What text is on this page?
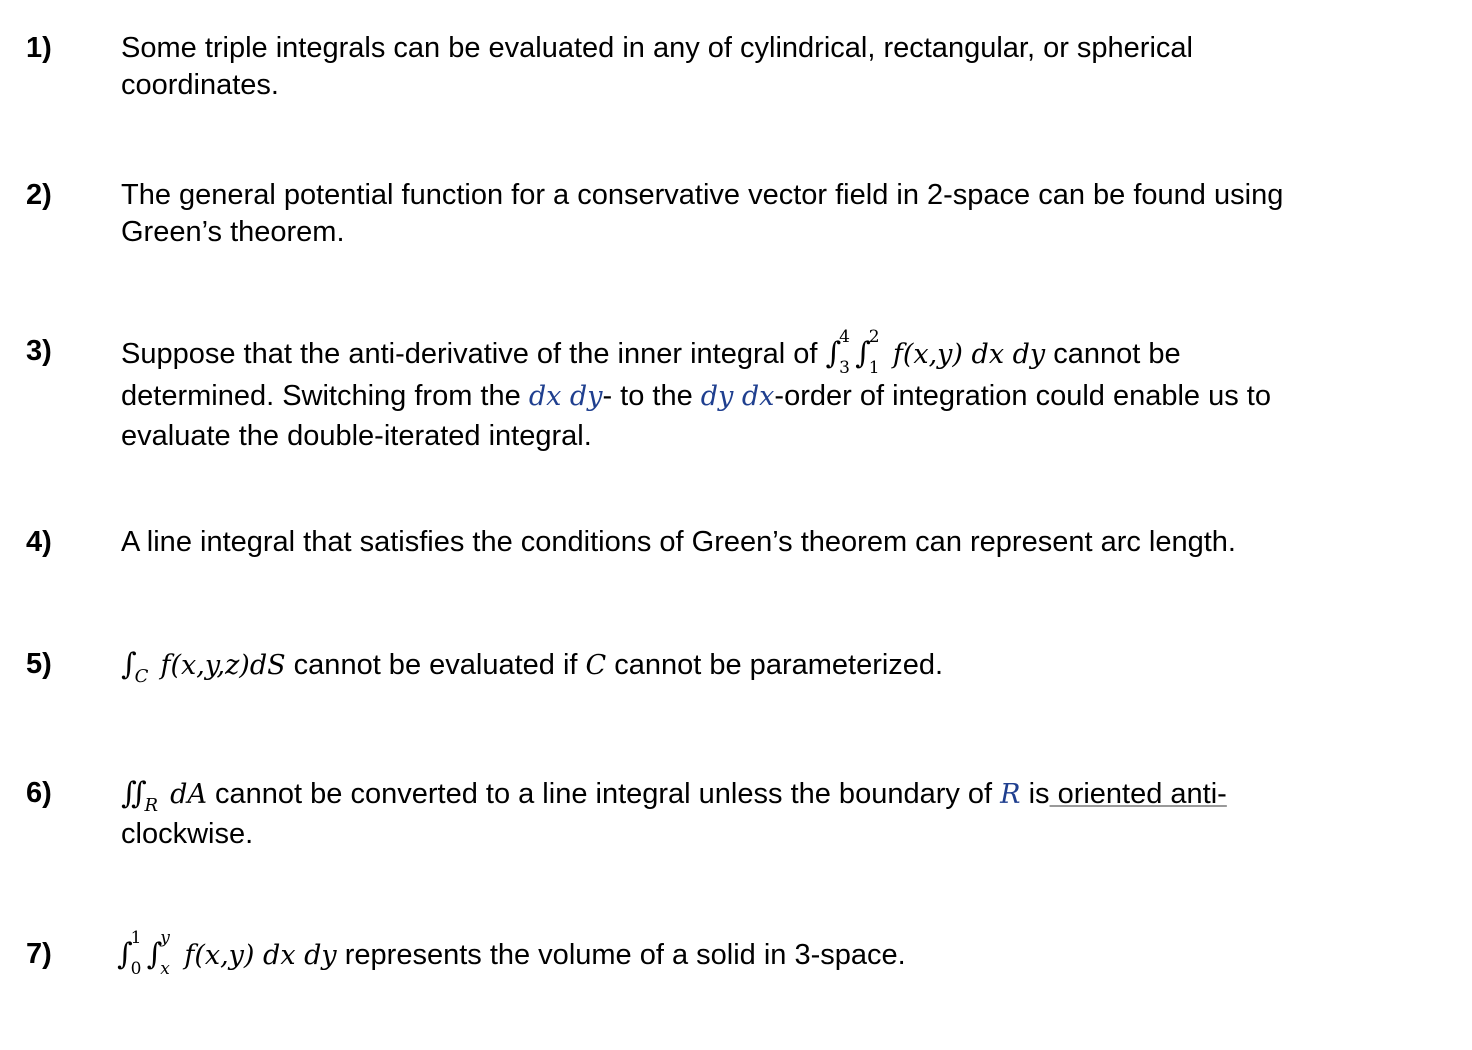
1) Some triple integrals can be evaluated in any of cylindrical, rectangular, or spherical
coordinates.
2) The general potential function for a conservative vector field in 2-space can be found using
Green’s theorem.
3) Suppose that the anti-derivative of the inner integral of ∫
4
3 ∫
2
1 f(x,y) dx dy cannot be
determined. Switching from the dx dy- to the dy dx-order of integration could enable us to
evaluate the double-iterated integral.
4) A line integral that satisfies the conditions of Green’s theorem can represent arc length.
5) $\int_C$ f(x,y,z)dS cannot be evaluated if C cannot be parameterized.
6) $∬_R$ dA cannot be converted to a line integral unless the boundary of R is oriented anti-
clockwise.
7) ∫
1
0 ∫
y
x f(x,y) dx dy represents the volume of a solid in 3-space.
